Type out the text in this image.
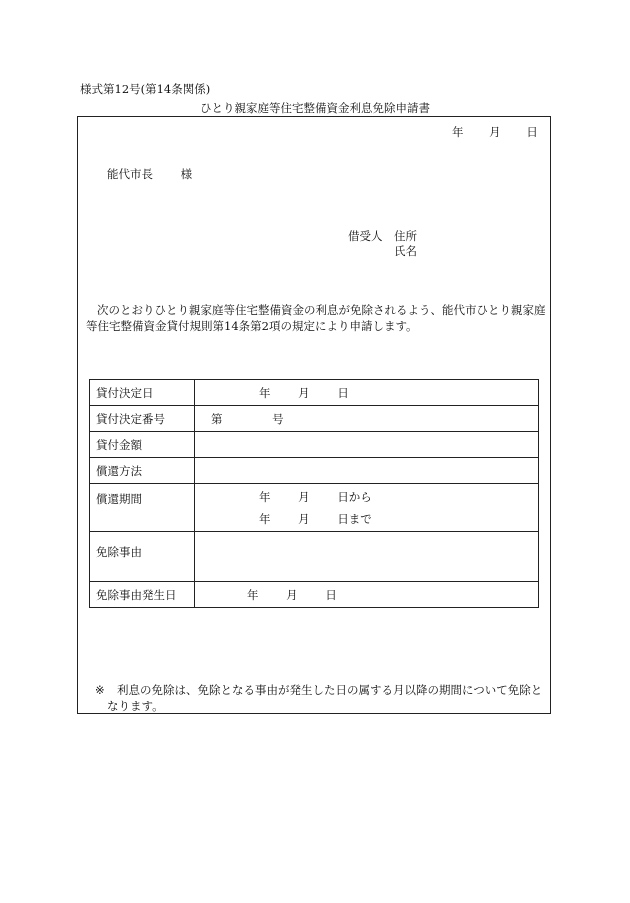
様式第12号(第14条関係)
ひとり親家庭等住宅整備資金利息免除申請書
年 月 日
能代市長 様
借受人 住所
氏名
次のとおりひとり親家庭等住宅整備資金の利息が免除されるよう、能代市ひとり親家庭等住宅整備資金貸付規則第14条第2項の規定により申請します。
貸付決定日	年 月 日
貸付決定番号	第 号
貸付金額	
償還方法	
償還期間	年 月 日から
年 月 日まで

免除事由	
免除事由発生日	年 月 日
※ 利息の免除は、免除となる事由が発生した日の属する月以降の期間について免除と
なります。
